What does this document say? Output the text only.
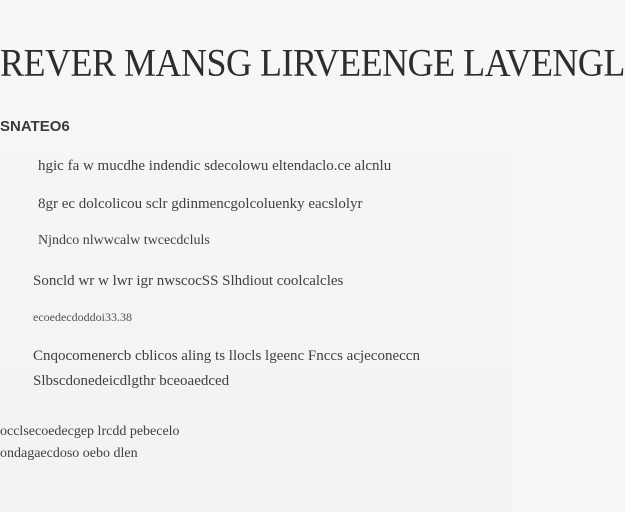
REVER MANSG LIRVEENGE LAVENGL
SNATEO6
hgic fa w mucdhe indendic sdecolowu eltendaclo.ce alcnlu
8gr ec dolcolicou sclr gdinmencgolcoluenky eacslolyr
Njndco nlwwcalw twcecdcluls
Soncld wr w lwr igr nwscocSS Slhdiout coolcalcles
ecoedecdoddoi33.38
Cnqocomenercb cblicos aling ts llocls lgeenc Fnccs acjeconeccn
Slbscdonedeicdlgthr bceoaedced
occlsecoedecgep lrcdd pebecelo
ondagaecdoso oebo dlen
